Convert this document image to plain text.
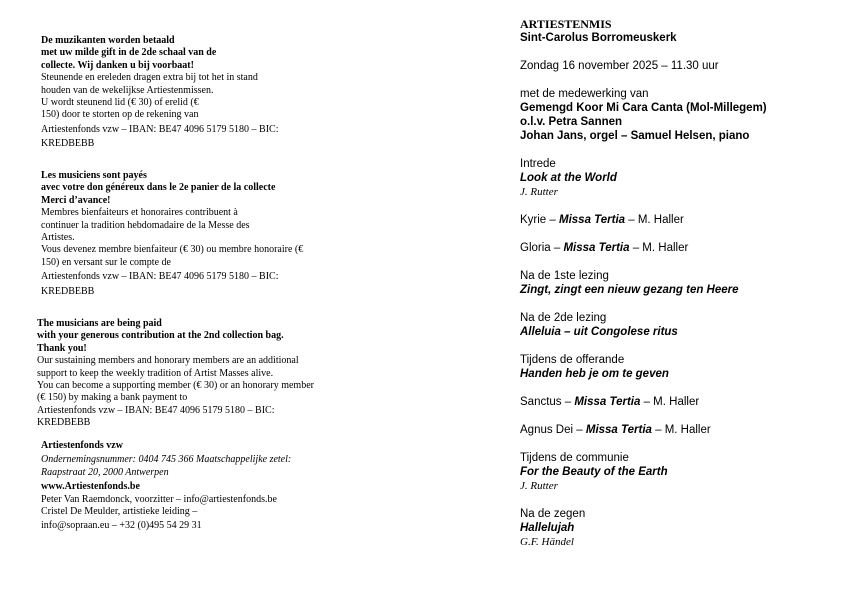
De muzikanten worden betaald
met uw milde gift in de 2de schaal van de
collecte. Wij danken u bij voorbaat!
Steunende en ereleden dragen extra bij tot het in stand
houden van de wekelijkse Artiestenmissen.
U wordt steunend lid (€ 30) of erelid (€
150) door te storten op de rekening van
Artiestenfonds vzw – IBAN: BE47 4096 5179 5180 – BIC:
KREDBEBB
Les musiciens sont payés
avec votre don généreux dans le 2e panier de la collecte
Merci d’avance!
Membres bienfaiteurs et honoraires contribuent à
continuer la tradition hebdomadaire de la Messe des
Artistes.
Vous devenez membre bienfaiteur (€ 30) ou membre honoraire (€
150) en versant sur le compte de
Artiestenfonds vzw – IBAN: BE47 4096 5179 5180 – BIC:
KREDBEBB
The musicians are being paid
with your generous contribution at the 2nd collection bag.
Thank you!
Our sustaining members and honorary members are an additional
support to keep the weekly tradition of Artist Masses alive.
You can become a supporting member (€ 30) or an honorary member
(€ 150) by making a bank payment to
Artiestenfonds vzw – IBAN: BE47 4096 5179 5180 – BIC:
KREDBEBB
Artiestenfonds vzw
Ondernemingsnummer: 0404 745 366 Maatschappelijke zetel:
Raapstraat 20, 2000 Antwerpen
www.Artiestenfonds.be
Peter Van Raemdonck, voorzitter – info@artiestenfonds.be
Cristel De Meulder, artistieke leiding –
info@sopraan.eu – +32 (0)495 54 29 31
ARTIESTENMIS
Sint-Carolus Borromeuskerk
Zondag 16 november 2025 – 11.30 uur
met de medewerking van
Gemengd Koor Mi Cara Canta (Mol-Millegem)
o.l.v. Petra Sannen
Johan Jans, orgel – Samuel Helsen, piano
Intrede
Look at the World
J. Rutter
Kyrie – Missa Tertia – M. Haller
Gloria – Missa Tertia – M. Haller
Na de 1ste lezing
Zingt, zingt een nieuw gezang ten Heere
Na de 2de lezing
Alleluia – uit Congolese ritus
Tijdens de offerande
Handen heb je om te geven
Sanctus – Missa Tertia – M. Haller
Agnus Dei – Missa Tertia – M. Haller
Tijdens de communie
For the Beauty of the Earth
J. Rutter
Na de zegen
Hallelujah
G.F. Händel
